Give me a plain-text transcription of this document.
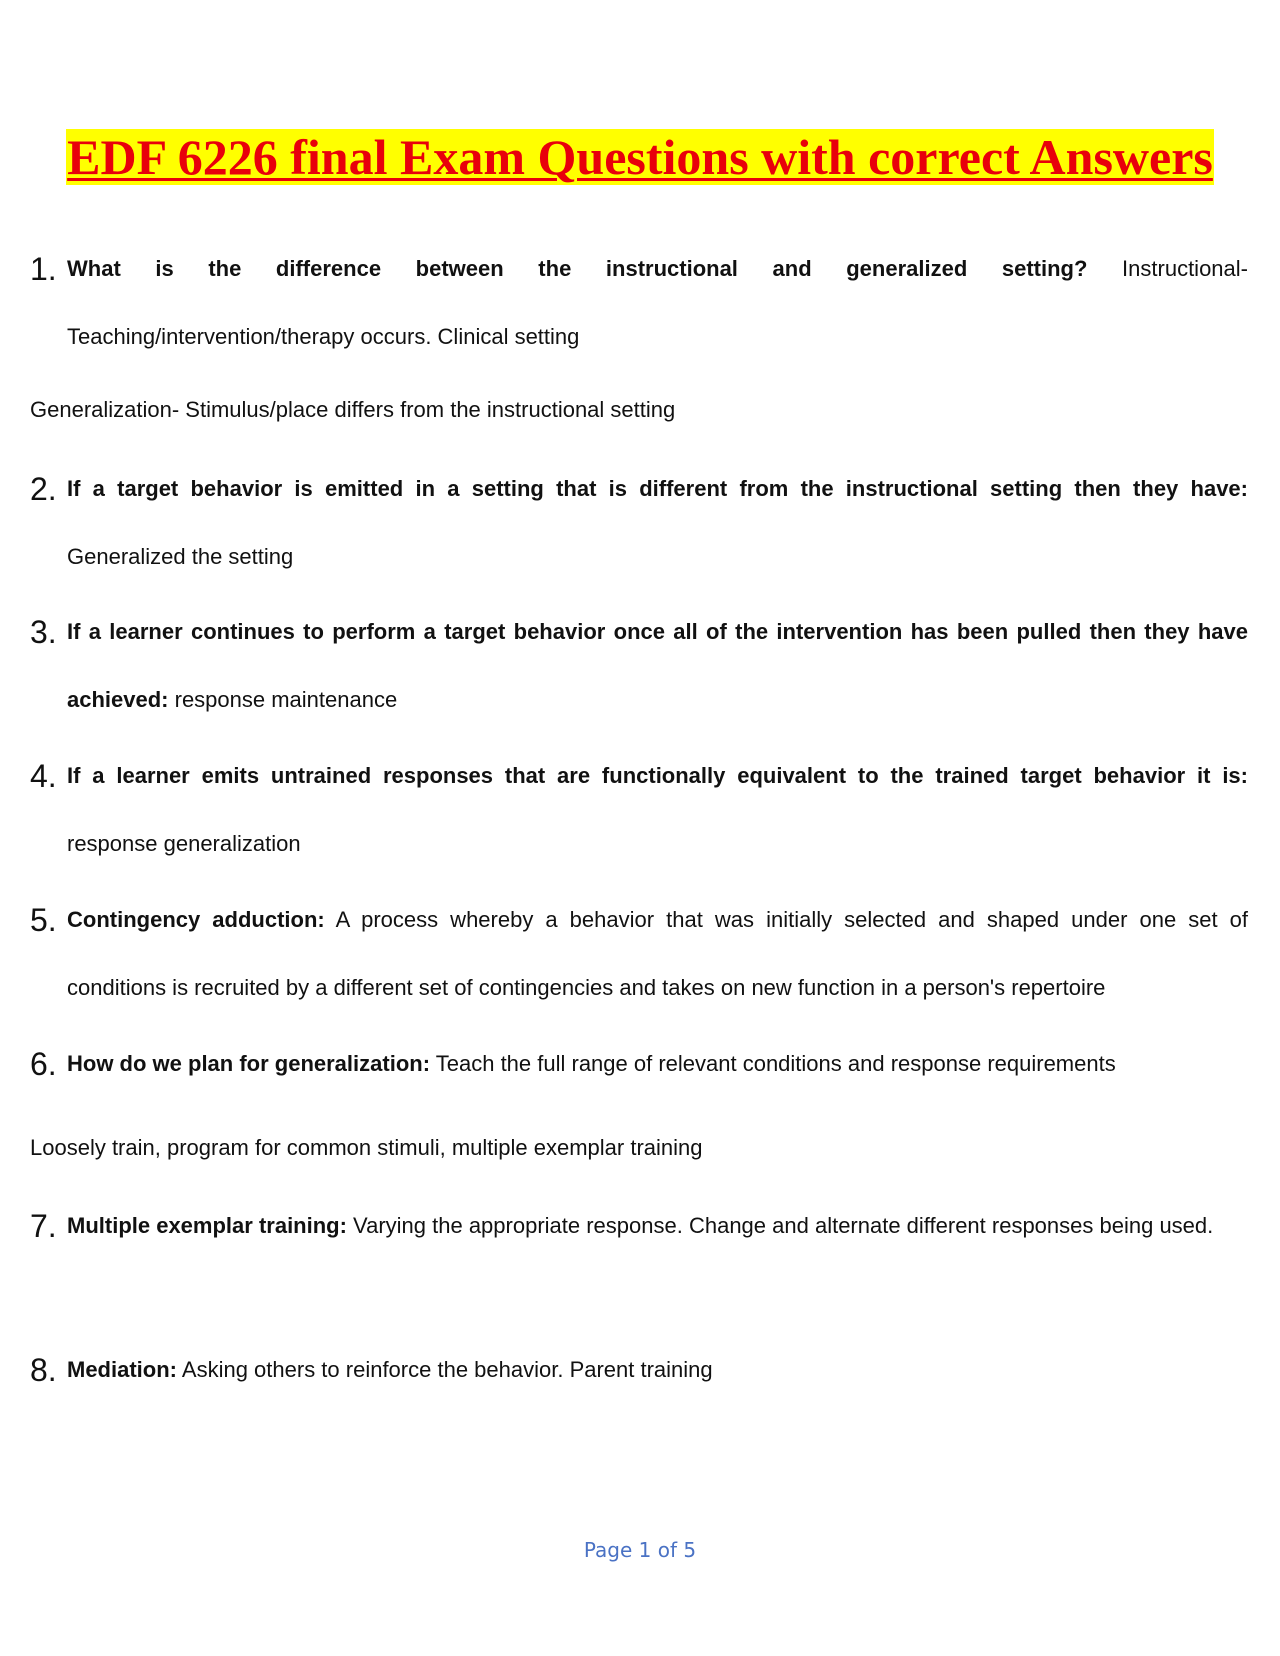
EDF 6226 final Exam Questions with correct Answers
1. What is the difference between the instructional and generalized setting? Instructional- Teaching/intervention/therapy occurs. Clinical setting
Generalization- Stimulus/place differs from the instructional setting
2. If a target behavior is emitted in a setting that is different from the instructional setting then they have: Generalized the setting
3. If a learner continues to perform a target behavior once all of the intervention has been pulled then they have achieved: response maintenance
4. If a learner emits untrained responses that are functionally equivalent to the trained target behavior it is: response generalization
5. Contingency adduction: A process whereby a behavior that was initially selected and shaped under one set of conditions is recruited by a different set of contingencies and takes on new function in a person's repertoire
6. How do we plan for generalization: Teach the full range of relevant conditions and response requirements
Loosely train, program for common stimuli, multiple exemplar training
7. Multiple exemplar training: Varying the appropriate response. Change and alternate different responses being used.
8. Mediation: Asking others to reinforce the behavior. Parent training
Page 1 of 5
